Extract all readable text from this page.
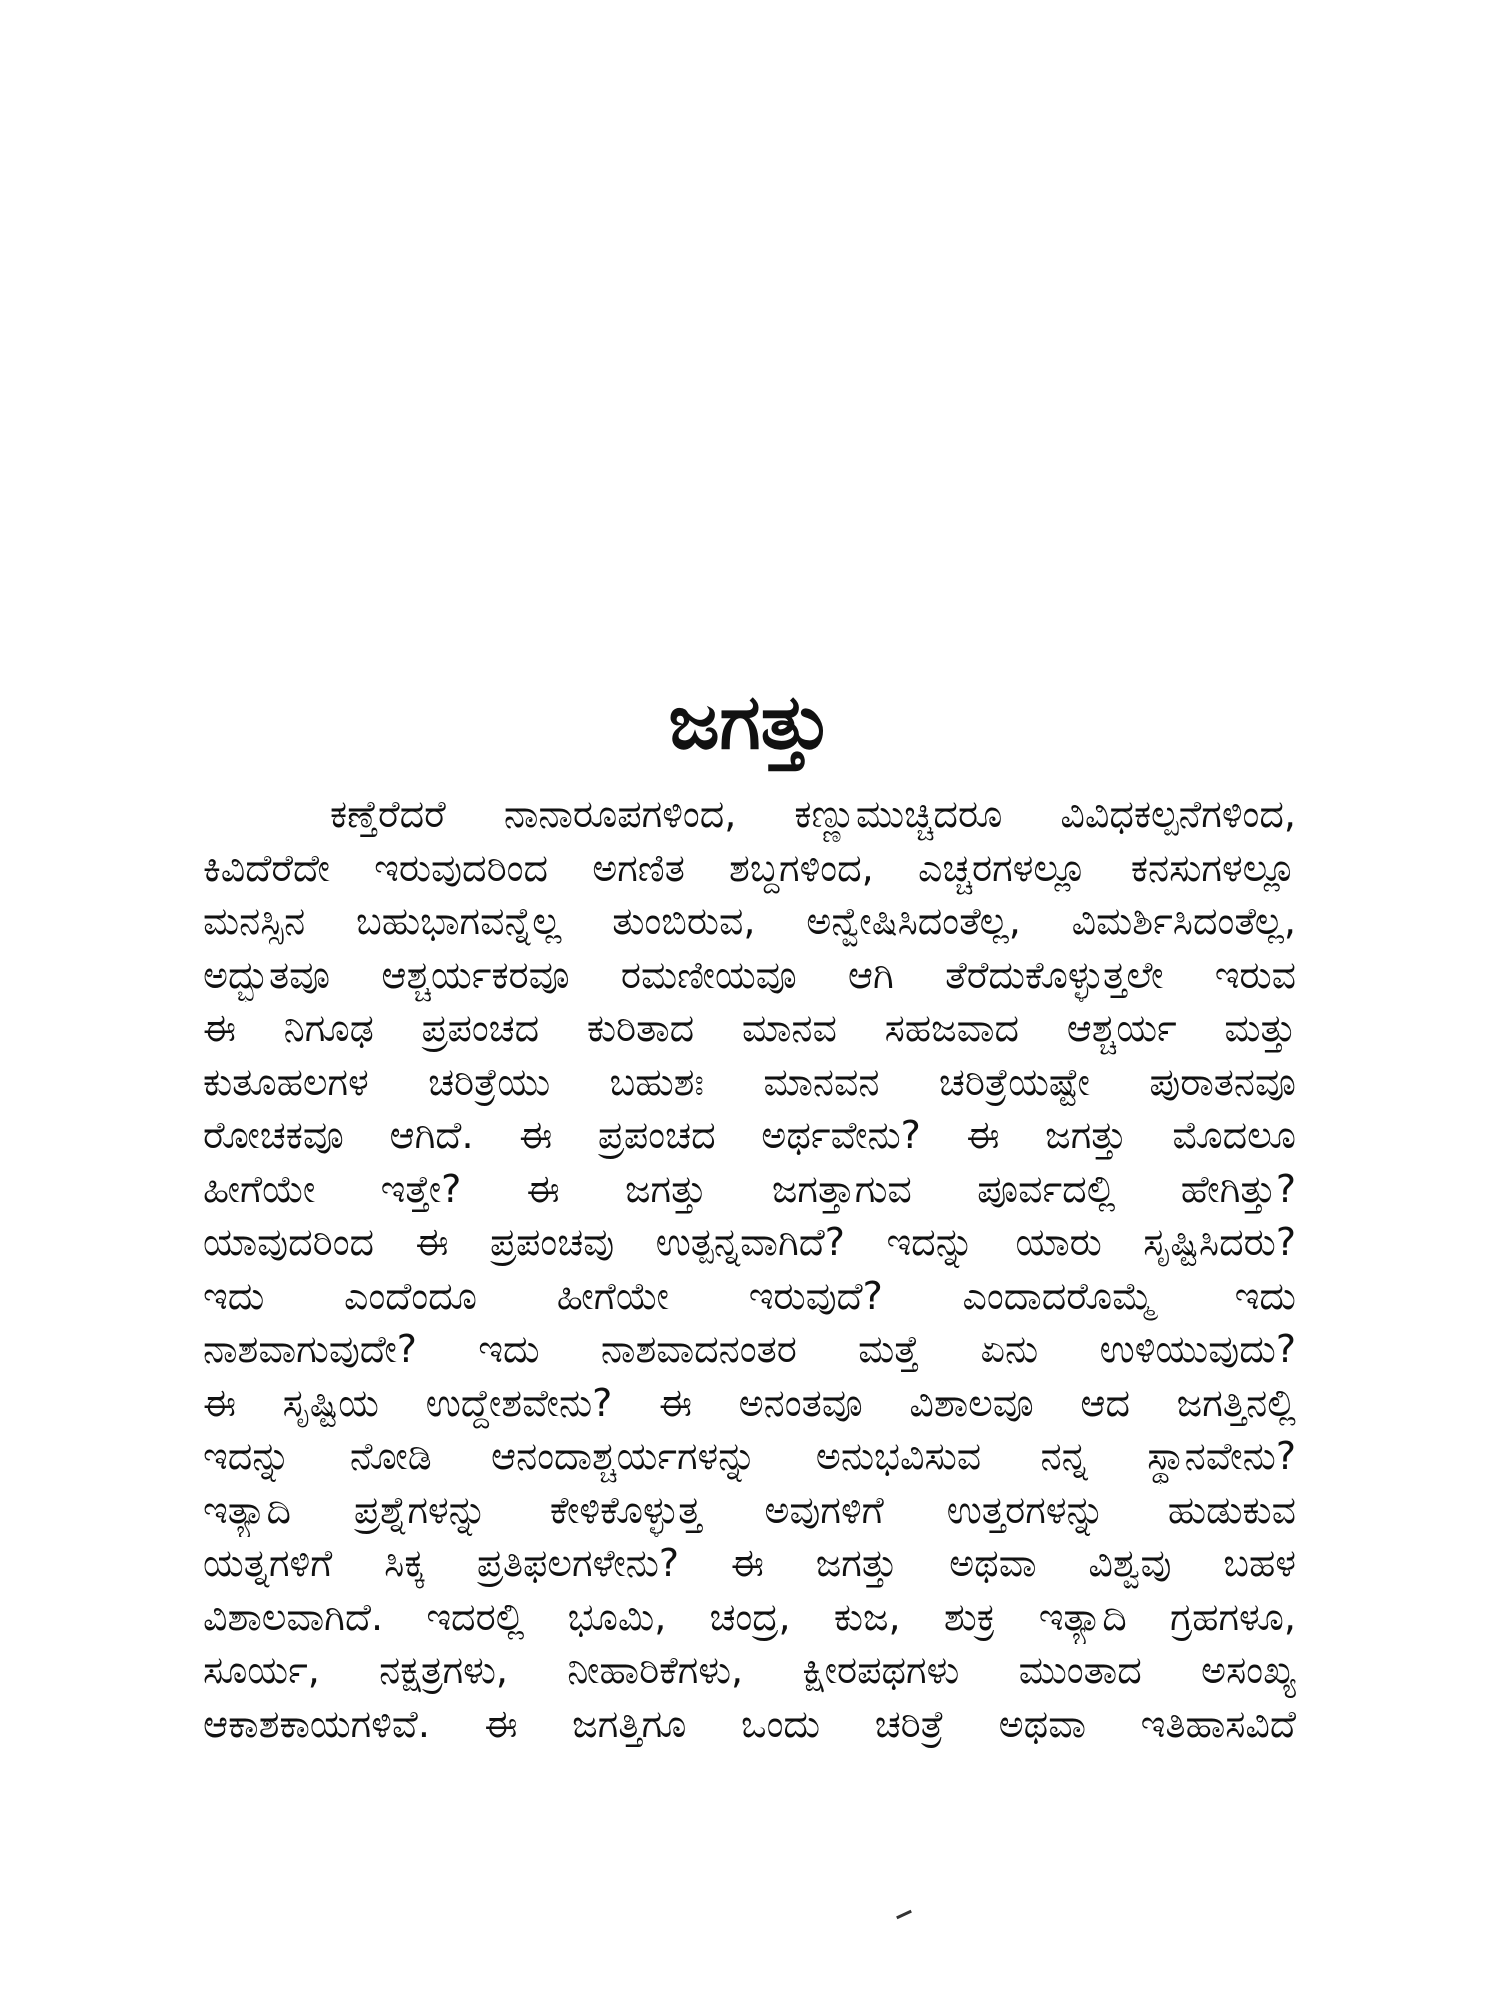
ಜಗತ್ತು
ಕಣ್ತೆರೆದರೆ ನಾನಾರೂಪಗಳಿಂದ, ಕಣ್ಣುಮುಚ್ಚಿದರೂ ವಿವಿಧಕಲ್ಪನೆಗಳಿಂದ,
ಕಿವಿದೆರೆದೇ ಇರುವುದರಿಂದ ಅಗಣಿತ ಶಬ್ದಗಳಿಂದ, ಎಚ್ಚರಗಳಲ್ಲೂ ಕನಸುಗಳಲ್ಲೂ
ಮನಸ್ಸಿನ ಬಹುಭಾಗವನ್ನೆಲ್ಲ ತುಂಬಿರುವ, ಅನ್ವೇಷಿಸಿದಂತೆಲ್ಲ, ವಿಮರ್ಶಿಸಿದಂತೆಲ್ಲ,
ಅದ್ಭುತವೂ ಆಶ್ಚರ್ಯಕರವೂ ರಮಣೀಯವೂ ಆಗಿ ತೆರೆದುಕೊಳ್ಳುತ್ತಲೇ ಇರುವ
ಈ ನಿಗೂಢ ಪ್ರಪಂಚದ ಕುರಿತಾದ ಮಾನವ ಸಹಜವಾದ ಆಶ್ಚರ್ಯ ಮತ್ತು
ಕುತೂಹಲಗಳ ಚರಿತ್ರೆಯು ಬಹುಶಃ ಮಾನವನ ಚರಿತ್ರೆಯಷ್ಟೇ ಪುರಾತನವೂ
ರೋಚಕವೂ ಆಗಿದೆ. ಈ ಪ್ರಪಂಚದ ಅರ್ಥವೇನು? ಈ ಜಗತ್ತು ಮೊದಲೂ
ಹೀಗೆಯೇ ಇತ್ತೇ? ಈ ಜಗತ್ತು ಜಗತ್ತಾಗುವ ಪೂರ್ವದಲ್ಲಿ ಹೇಗಿತ್ತು?
ಯಾವುದರಿಂದ ಈ ಪ್ರಪಂಚವು ಉತ್ಪನ್ನವಾಗಿದೆ? ಇದನ್ನು ಯಾರು ಸೃಷ್ಟಿಸಿದರು?
ಇದು ಎಂದೆಂದೂ ಹೀಗೆಯೇ ಇರುವುದೆ? ಎಂದಾದರೊಮ್ಮೆ ಇದು
ನಾಶವಾಗುವುದೇ? ಇದು ನಾಶವಾದನಂತರ ಮತ್ತೆ ಏನು ಉಳಿಯುವುದು?
ಈ ಸೃಷ್ಟಿಯ ಉದ್ದೇಶವೇನು? ಈ ಅನಂತವೂ ವಿಶಾಲವೂ ಆದ ಜಗತ್ತಿನಲ್ಲಿ
ಇದನ್ನು ನೋಡಿ ಆನಂದಾಶ್ಚರ್ಯಗಳನ್ನು ಅನುಭವಿಸುವ ನನ್ನ ಸ್ಥಾನವೇನು?
ಇತ್ಯಾದಿ ಪ್ರಶ್ನೆಗಳನ್ನು ಕೇಳಿಕೊಳ್ಳುತ್ತ ಅವುಗಳಿಗೆ ಉತ್ತರಗಳನ್ನು ಹುಡುಕುವ
ಯತ್ನಗಳಿಗೆ ಸಿಕ್ಕ ಪ್ರತಿಫಲಗಳೇನು? ಈ ಜಗತ್ತು ಅಥವಾ ವಿಶ್ವವು ಬಹಳ
ವಿಶಾಲವಾಗಿದೆ. ಇದರಲ್ಲಿ ಭೂಮಿ, ಚಂದ್ರ, ಕುಜ, ಶುಕ್ರ ಇತ್ಯಾದಿ ಗ್ರಹಗಳೂ,
ಸೂರ್ಯ, ನಕ್ಷತ್ರಗಳು, ನೀಹಾರಿಕೆಗಳು, ಕ್ಷೀರಪಥಗಳು ಮುಂತಾದ ಅಸಂಖ್ಯ
ಆಕಾಶಕಾಯಗಳಿವೆ. ಈ ಜಗತ್ತಿಗೂ ಒಂದು ಚರಿತ್ರೆ ಅಥವಾ ಇತಿಹಾಸವಿದೆ
